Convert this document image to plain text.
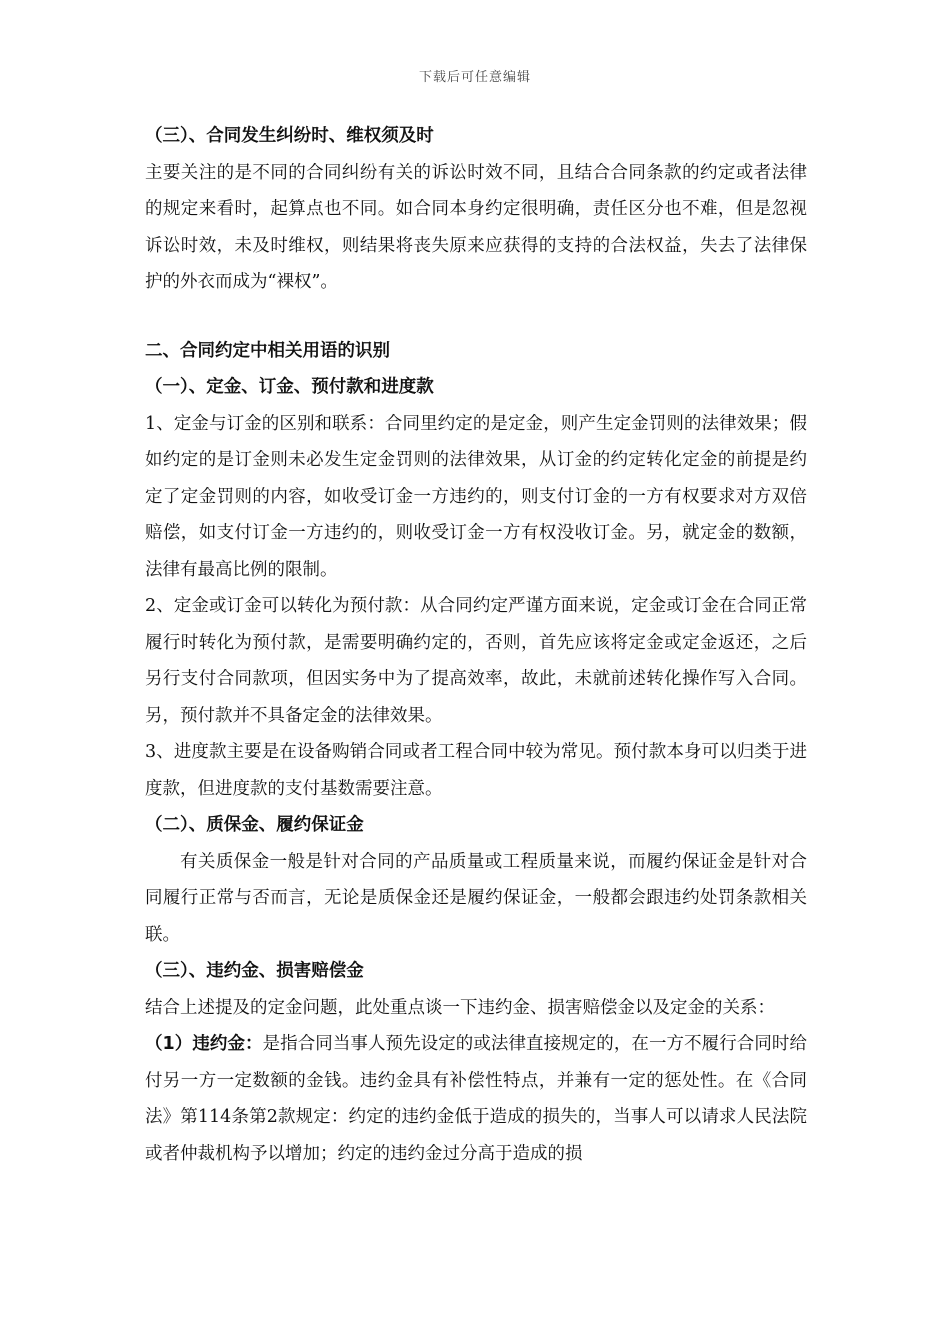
下载后可任意编辑

（三）、合同发生纠纷时、维权须及时

主要关注的是不同的合同纠纷有关的诉讼时效不同，且结合合同条款的约定或者法律的规定来看时，起算点也不同。如合同本身约定很明确，责任区分也不难，但是忽视诉讼时效，未及时维权，则结果将丧失原来应获得的支持的合法权益，失去了法律保护的外衣而成为“裸权”。

二、合同约定中相关用语的识别

（一）、定金、订金、预付款和进度款

1、定金与订金的区别和联系：合同里约定的是定金，则产生定金罚则的法律效果；假如约定的是订金则未必发生定金罚则的法律效果，从订金的约定转化定金的前提是约定了定金罚则的内容，如收受订金一方违约的，则支付订金的一方有权要求对方双倍赔偿，如支付订金一方违约的，则收受订金一方有权没收订金。另，就定金的数额，法律有最高比例的限制。

2、定金或订金可以转化为预付款：从合同约定严谨方面来说，定金或订金在合同正常履行时转化为预付款，是需要明确约定的，否则，首先应该将定金或定金返还，之后另行支付合同款项，但因实务中为了提高效率，故此，未就前述转化操作写入合同。另，预付款并不具备定金的法律效果。

3、进度款主要是在设备购销合同或者工程合同中较为常见。预付款本身可以归类于进度款，但进度款的支付基数需要注意。

（二）、质保金、履约保证金

有关质保金一般是针对合同的产品质量或工程质量来说，而履约保证金是针对合同履行正常与否而言，无论是质保金还是履约保证金，一般都会跟违约处罚条款相关联。

（三）、违约金、损害赔偿金

结合上述提及的定金问题，此处重点谈一下违约金、损害赔偿金以及定金的关系：

（1）违约金：是指合同当事人预先设定的或法律直接规定的，在一方不履行合同时给付另一方一定数额的金钱。违约金具有补偿性特点，并兼有一定的惩处性。在《合同法》第114条第2款规定：约定的违约金低于造成的损失的，当事人可以请求人民法院或者仲裁机构予以增加；约定的违约金过分高于造成的损
